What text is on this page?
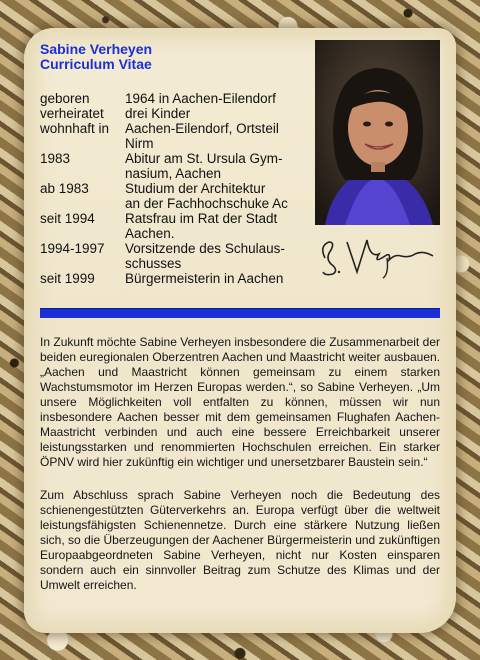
Sabine Verheyen
Curriculum Vitae
geboren	1964 in Aachen-Eilendorf
verheiratet	drei Kinder
wohnhaft in	Aachen-Eilendorf, Ortsteil
Nirm
1983	Abitur am St. Ursula Gym-
nasium, Aachen
ab 1983	Studium der Architektur
an der Fachhochschuke Ac
seit 1994	Ratsfrau im Rat der Stadt
Aachen.
1994-1997	Vorsitzende des Schulaus-
schusses
seit 1999	Bürgermeisterin in Aachen

In Zukunft möchte Sabine Verheyen insbesondere die Zusammenarbeit der beiden euregionalen Oberzentren Aachen und Maastricht weiter ausbauen. „Aachen und Maastricht können gemeinsam zu einem starken Wachstumsmotor im Herzen Europas werden.“, so Sabine Verheyen. „Um unsere Möglichkeiten voll entfalten zu können, müssen wir nun insbesondere Aachen besser mit dem gemeinsamen Flughafen Aachen-Maastricht verbinden und auch eine bessere Erreichbarkeit unserer leistungsstarken und renommierten Hochschulen erreichen. Ein starker ÖPNV wird hier zukünftig ein wichtiger und unersetzbarer Baustein sein.“

Zum Abschluss sprach Sabine Verheyen noch die Bedeutung des schienengestützten Güterverkehrs an. Europa verfügt über die weltweit leistungsfähigsten Schienennetze. Durch eine stärkere Nutzung ließen sich, so die Überzeugungen der Aachener Bürgermeisterin und zukünftigen Europaabgeordneten Sabine Verheyen, nicht nur Kosten einsparen sondern auch ein sinnvoller Beitrag zum Schutze des Klimas und der Umwelt erreichen.
